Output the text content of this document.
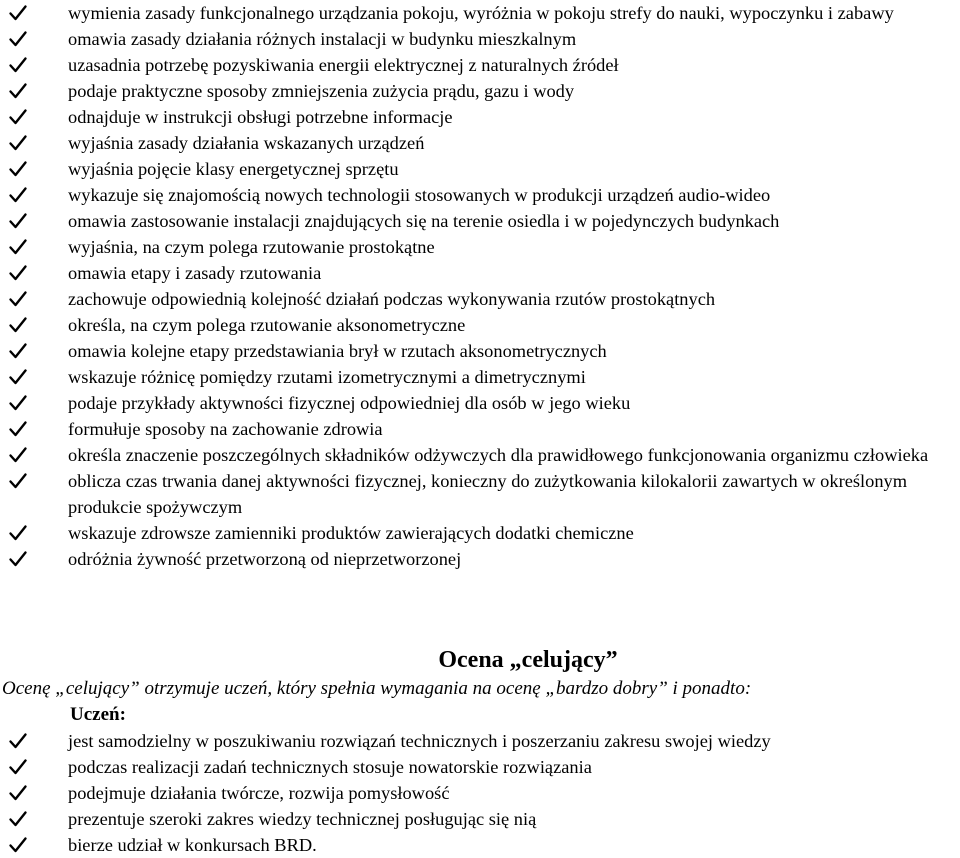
wymienia zasady funkcjonalnego urządzania pokoju, wyróżnia w pokoju strefy do nauki, wypoczynku i zabawy
omawia zasady działania różnych instalacji w budynku mieszkalnym
uzasadnia potrzebę pozyskiwania energii elektrycznej z naturalnych źródeł
podaje praktyczne sposoby zmniejszenia zużycia prądu, gazu i wody
odnajduje w instrukcji obsługi potrzebne informacje
wyjaśnia zasady działania wskazanych urządzeń
wyjaśnia pojęcie klasy energetycznej sprzętu
wykazuje się znajomością nowych technologii stosowanych w produkcji urządzeń audio-wideo
omawia zastosowanie instalacji znajdujących się na terenie osiedla i w pojedynczych budynkach
wyjaśnia, na czym polega rzutowanie prostokątne
omawia etapy i zasady rzutowania
zachowuje odpowiednią kolejność działań podczas wykonywania rzutów prostokątnych
określa, na czym polega rzutowanie aksonometryczne
omawia kolejne etapy przedstawiania brył w rzutach aksonometrycznych
wskazuje różnicę pomiędzy rzutami izometrycznymi a dimetrycznymi
podaje przykłady aktywności fizycznej odpowiedniej dla osób w jego wieku
formułuje sposoby na zachowanie zdrowia
określa znaczenie poszczególnych składników odżywczych dla prawidłowego funkcjonowania organizmu człowieka
oblicza czas trwania danej aktywności fizycznej, konieczny do zużytkowania kilokalorii zawartych w określonym produkcie spożywczym
wskazuje zdrowsze zamienniki produktów zawierających dodatki chemiczne
odróżnia żywność przetworzoną od nieprzetworzonej
Ocena „celujący”
Ocenę „celujący” otrzymuje uczeń, który spełnia wymagania na ocenę „bardzo dobry” i ponadto:
Uczeń:
jest samodzielny w poszukiwaniu rozwiązań technicznych i poszerzaniu zakresu swojej wiedzy
podczas realizacji zadań technicznych stosuje nowatorskie rozwiązania
podejmuje działania twórcze, rozwija pomysłowość
prezentuje szeroki zakres wiedzy technicznej posługując się nią
bierze udział w konkursach BRD.
